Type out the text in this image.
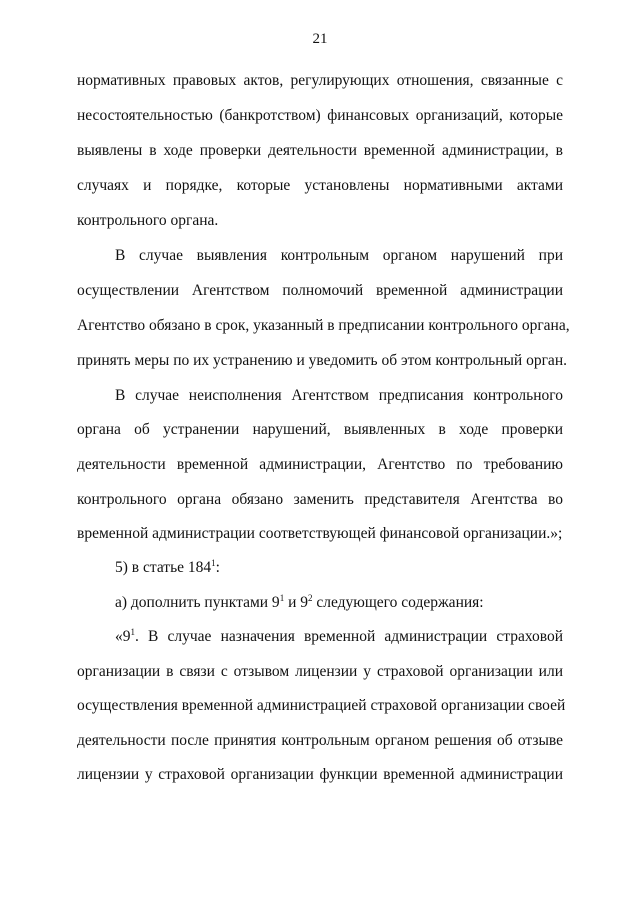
21
нормативных правовых актов, регулирующих отношения, связанные с
несостоятельностью (банкротством) финансовых организаций, которые
выявлены в ходе проверки деятельности временной администрации, в
случаях и порядке, которые установлены нормативными актами
контрольного органа.
В случае выявления контрольным органом нарушений при
осуществлении Агентством полномочий временной администрации
Агентство обязано в срок, указанный в предписании контрольного органа,
принять меры по их устранению и уведомить об этом контрольный орган.
В случае неисполнения Агентством предписания контрольного
органа об устранении нарушений, выявленных в ходе проверки
деятельности временной администрации, Агентство по требованию
контрольного органа обязано заменить представителя Агентства во
временной администрации соответствующей финансовой организации.»;
5) в статье $184^1$:
а) дополнить пунктами $9^1$ и $9^2$ следующего содержания:
«$9^1$. В случае назначения временной администрации страховой
организации в связи с отзывом лицензии у страховой организации или
осуществления временной администрацией страховой организации своей
деятельности после принятия контрольным органом решения об отзыве
лицензии у страховой организации функции временной администрации
